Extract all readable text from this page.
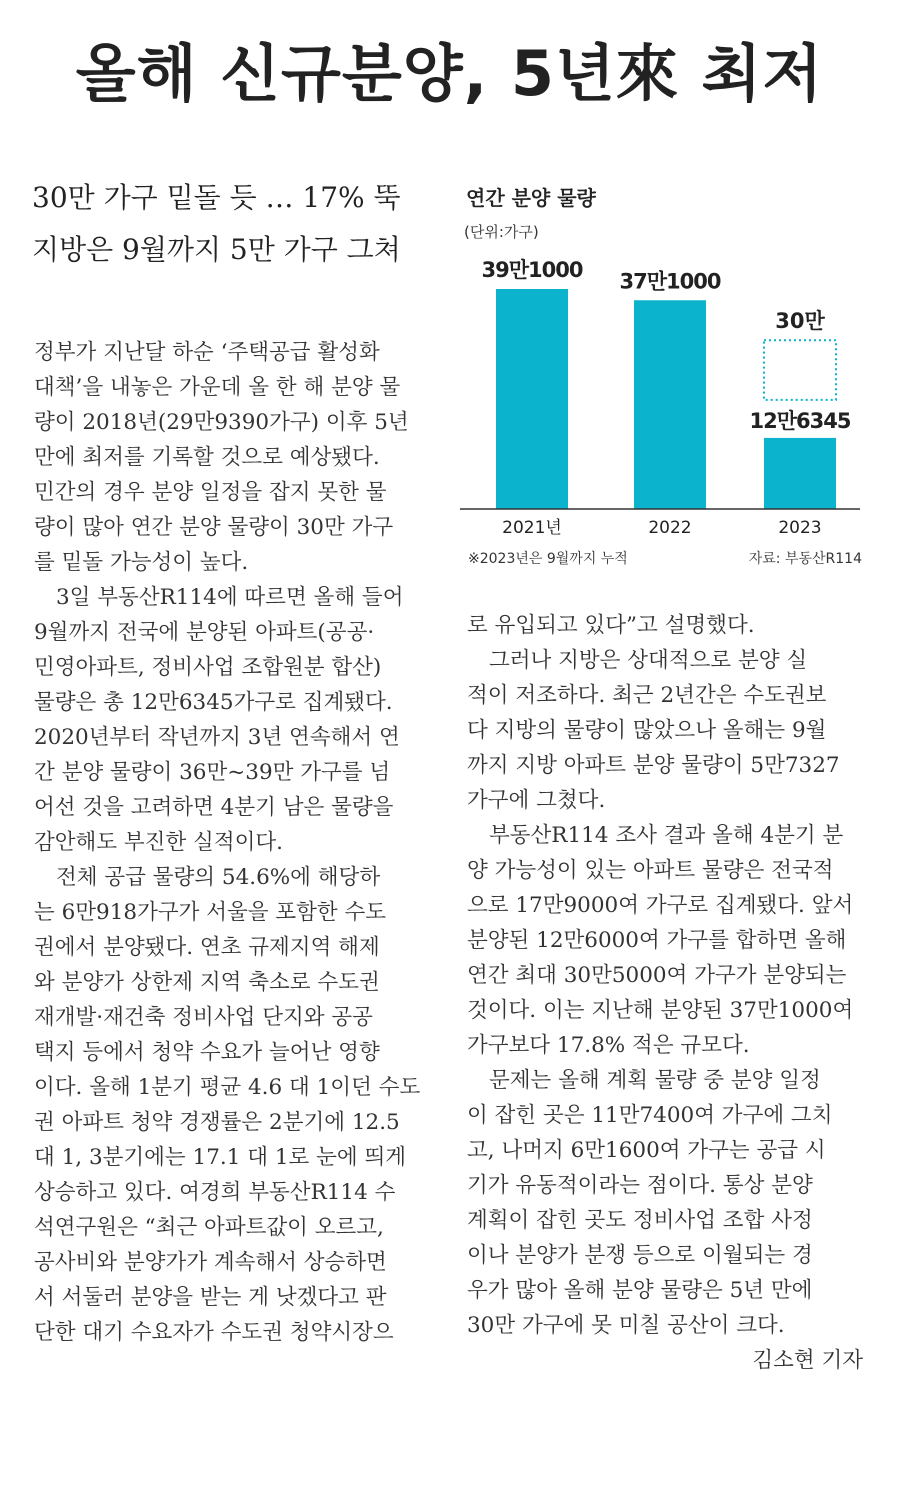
올해 신규분양, 5년來 최저
30만 가구 밑돌 듯 … 17% 뚝
지방은 9월까지 5만 가구 그쳐

정부가 지난달 하순 ‘주택공급 활성화

대책’을 내놓은 가운데 올 한 해 분양 물

량이 2018년(29만9390가구) 이후 5년

만에 최저를 기록할 것으로 예상됐다.

민간의 경우 분양 일정을 잡지 못한 물

량이 많아 연간 분양 물량이 30만 가구

를 밑돌 가능성이 높다.

3일 부동산R114에 따르면 올해 들어

9월까지 전국에 분양된 아파트(공공·

민영아파트, 정비사업 조합원분 합산)

물량은 총 12만6345가구로 집계됐다.

2020년부터 작년까지 3년 연속해서 연

간 분양 물량이 36만~39만 가구를 넘

어선 것을 고려하면 4분기 남은 물량을

감안해도 부진한 실적이다.

전체 공급 물량의 54.6%에 해당하

는 6만918가구가 서울을 포함한 수도

권에서 분양됐다. 연초 규제지역 해제

와 분양가 상한제 지역 축소로 수도권

재개발·재건축 정비사업 단지와 공공

택지 등에서 청약 수요가 늘어난 영향

이다. 올해 1분기 평균 4.6 대 1이던 수도

권 아파트 청약 경쟁률은 2분기에 12.5

대 1, 3분기에는 17.1 대 1로 눈에 띄게

상승하고 있다. 여경희 부동산R114 수

석연구원은 “최근 아파트값이 오르고,

공사비와 분양가가 계속해서 상승하면

서 서둘러 분양을 받는 게 낫겠다고 판

단한 대기 수요자가 수도권 청약시장으

연간 분양 물량
(단위:가구)
39만1000 37만1000
12만6345
30만
2021년	2022	2023
※2023년은 9월까지 누적	자료: 부동산R114

로 유입되고 있다”고 설명했다.

그러나 지방은 상대적으로 분양 실

적이 저조하다. 최근 2년간은 수도권보

다 지방의 물량이 많았으나 올해는 9월

까지 지방 아파트 분양 물량이 5만7327

가구에 그쳤다.

부동산R114 조사 결과 올해 4분기 분

양 가능성이 있는 아파트 물량은 전국적

으로 17만9000여 가구로 집계됐다. 앞서

분양된 12만6000여 가구를 합하면 올해

연간 최대 30만5000여 가구가 분양되는

것이다. 이는 지난해 분양된 37만1000여

가구보다 17.8% 적은 규모다.

문제는 올해 계획 물량 중 분양 일정

이 잡힌 곳은 11만7400여 가구에 그치

고, 나머지 6만1600여 가구는 공급 시

기가 유동적이라는 점이다. 통상 분양

계획이 잡힌 곳도 정비사업 조합 사정

이나 분양가 분쟁 등으로 이월되는 경

우가 많아 올해 분양 물량은 5년 만에

30만 가구에 못 미칠 공산이 크다.

김소현 기자
